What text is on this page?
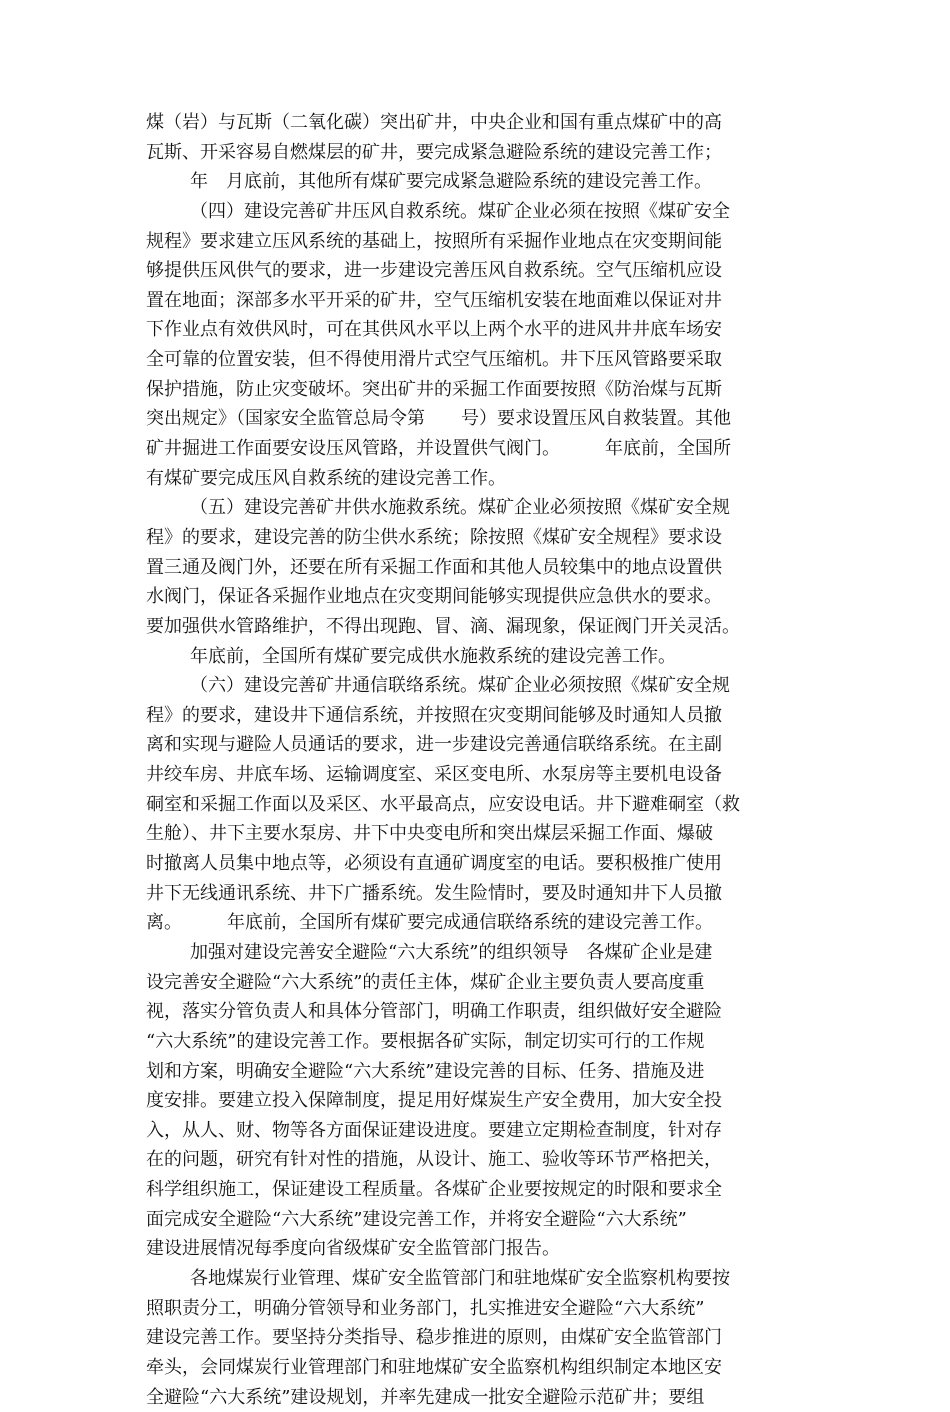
煤（岩）与瓦斯（二氧化碳）突出矿井，中央企业和国有重点煤矿中的高
瓦斯、开采容易自燃煤层的矿井，要完成紧急避险系统的建设完善工作；
年　月底前，其他所有煤矿要完成紧急避险系统的建设完善工作。
（四）建设完善矿井压风自救系统。煤矿企业必须在按照《煤矿安全
规程》要求建立压风系统的基础上，按照所有采掘作业地点在灾变期间能
够提供压风供气的要求，进一步建设完善压风自救系统。空气压缩机应设
置在地面；深部多水平开采的矿井，空气压缩机安装在地面难以保证对井
下作业点有效供风时，可在其供风水平以上两个水平的进风井井底车场安
全可靠的位置安装，但不得使用滑片式空气压缩机。井下压风管路要采取
保护措施，防止灾变破坏。突出矿井的采掘工作面要按照《防治煤与瓦斯
突出规定》（国家安全监管总局令第　　号）要求设置压风自救装置。其他
矿井掘进工作面要安设压风管路，并设置供气阀门。　　　年底前，全国所
有煤矿要完成压风自救系统的建设完善工作。
（五）建设完善矿井供水施救系统。煤矿企业必须按照《煤矿安全规
程》的要求，建设完善的防尘供水系统；除按照《煤矿安全规程》要求设
置三通及阀门外，还要在所有采掘工作面和其他人员较集中的地点设置供
水阀门，保证各采掘作业地点在灾变期间能够实现提供应急供水的要求。
要加强供水管路维护，不得出现跑、冒、滴、漏现象，保证阀门开关灵活。
年底前，全国所有煤矿要完成供水施救系统的建设完善工作。
（六）建设完善矿井通信联络系统。煤矿企业必须按照《煤矿安全规
程》的要求，建设井下通信系统，并按照在灾变期间能够及时通知人员撤
离和实现与避险人员通话的要求，进一步建设完善通信联络系统。在主副
井绞车房、井底车场、运输调度室、采区变电所、水泵房等主要机电设备
硐室和采掘工作面以及采区、水平最高点，应安设电话。井下避难硐室（救
生舱）、井下主要水泵房、井下中央变电所和突出煤层采掘工作面、爆破
时撤离人员集中地点等，必须设有直通矿调度室的电话。要积极推广使用
井下无线通讯系统、井下广播系统。发生险情时，要及时通知井下人员撤
离。　　　年底前，全国所有煤矿要完成通信联络系统的建设完善工作。
加强对建设完善安全避险“六大系统”的组织领导　各煤矿企业是建
设完善安全避险“六大系统”的责任主体，煤矿企业主要负责人要高度重
视，落实分管负责人和具体分管部门，明确工作职责，组织做好安全避险
“六大系统”的建设完善工作。要根据各矿实际，制定切实可行的工作规
划和方案，明确安全避险“六大系统”建设完善的目标、任务、措施及进
度安排。要建立投入保障制度，提足用好煤炭生产安全费用，加大安全投
入，从人、财、物等各方面保证建设进度。要建立定期检查制度，针对存
在的问题，研究有针对性的措施，从设计、施工、验收等环节严格把关，
科学组织施工，保证建设工程质量。各煤矿企业要按规定的时限和要求全
面完成安全避险“六大系统”建设完善工作，并将安全避险“六大系统”
建设进展情况每季度向省级煤矿安全监管部门报告。
各地煤炭行业管理、煤矿安全监管部门和驻地煤矿安全监察机构要按
照职责分工，明确分管领导和业务部门，扎实推进安全避险“六大系统”
建设完善工作。要坚持分类指导、稳步推进的原则，由煤矿安全监管部门
牵头，会同煤炭行业管理部门和驻地煤矿安全监察机构组织制定本地区安
全避险“六大系统”建设规划，并率先建成一批安全避险示范矿井；要组
